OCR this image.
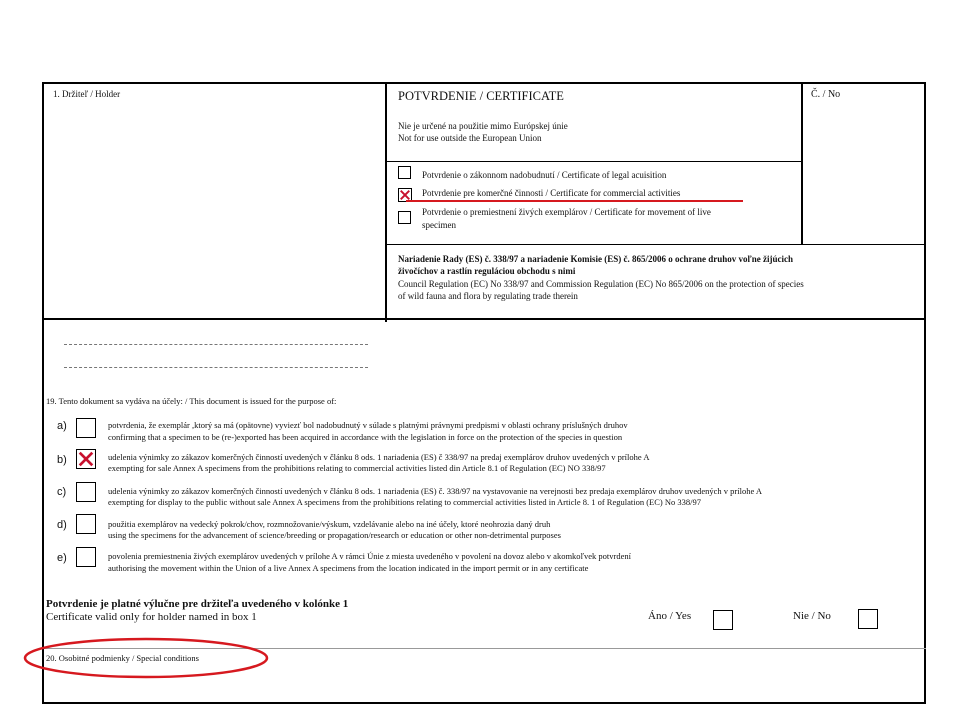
1. Držiteľ / Holder	POTVRDENIE / CERTIFICATE
Nie je určené na použitie mimo Európskej únie
Not for use outside the European Union
Č. / No
Potvrdenie o zákonnom nadobudnutí / Certificate of legal acuisition
Potvrdenie pre komerčné činnosti / Certificate for commercial activities
Potvrdenie o premiestnení živých exemplárov / Certificate for movement of live
specimen
Nariadenie Rady (ES) č. 338/97 a nariadenie Komisie (ES) č. 865/2006 o ochrane druhov voľne žijúcich
živočíchov a rastlín reguláciou obchodu s nimi
Council Regulation (EC) No 338/97 and Commission Regulation (EC) No 865/2006 on the protection of species
of wild fauna and flora by regulating trade therein
19. Tento dokument sa vydáva na účely: / This document is issued for the purpose of:
a)	potvrdenia, že exemplár ,ktorý sa má (opätovne) vyviezť bol nadobudnutý v súlade s platnými právnymi predpismi v oblasti ochrany príslušných druhov
confirming that a specimen to be (re-)exported has been acquired in accordance with the legislation in force on the protection of the species in question
b)	udelenia výnimky zo zákazov komerčných činností uvedených v článku 8 ods. 1 nariadenia (ES) č 338/97 na predaj exemplárov druhov uvedených v prílohe A
exempting for sale Annex A specimens from the prohibitions relating to commercial activities listed din Article 8.1 of Regulation (EC) NO 338/97
c)	udelenia výnimky zo zákazov komerčných činností uvedených v článku 8 ods. 1 nariadenia (ES) č. 338/97 na vystavovanie na verejnosti bez predaja exemplárov druhov uvedených v prílohe A
exempting for display to the public without sale Annex A specimens from the prohibitions relating to commercial activities listed in Article 8. 1 of Regulation (EC) No 338/97
d)	použitia exemplárov na vedecký pokrok/chov, rozmnožovanie/výskum, vzdelávanie alebo na iné účely, ktoré neohrozia daný druh
using the specimens for the advancement of science/breeding or propagation/research or education or other non-detrimental purposes
e)	povolenia premiestnenia živých exemplárov uvedených v prílohe A v rámci Únie z miesta uvedeného v povolení na dovoz alebo v akomkoľvek potvrdení
authorising the movement within the Union of a live Annex A specimens from the location indicated in the import permit or in any certificate
Potvrdenie je platné výlučne pre držiteľa uvedeného v kolónke 1
Certificate valid only for holder named in box 1	Áno / Yes	Nie / No
20. Osobitné podmienky / Special conditions
